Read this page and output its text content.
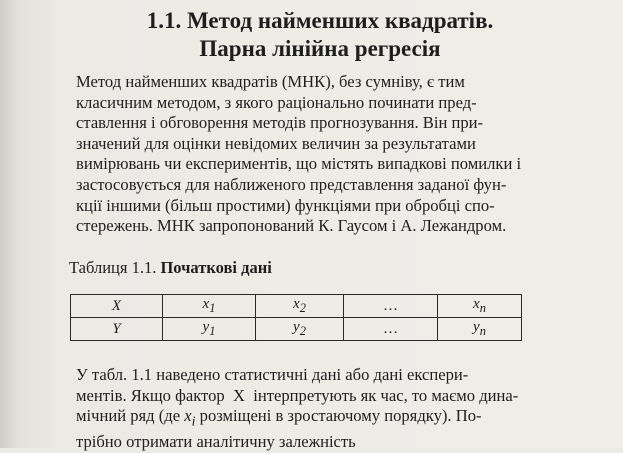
1.1. Метод найменших квадратів.
Парна лінійна регресія
Метод найменших квадратів (МНК), без сумніву, є тим
класичним методом, з якого раціонально починати пред-
ставлення і обговорення методів прогнозування. Він при-
значений для оцінки невідомих величин за результатами
вимірювань чи експериментів, що містять випадкові помилки і
застосовується для наближеного представлення заданої фун-
кції іншими (більш простими) функціями при обробці спо-
стережень. МНК запропонований К. Гаусом і А. Лежандром.
Таблиця 1.1. Початкові дані
X	$x_1$	$x_2$	…	$x_n$
Y	$y_1$	$y_2$	…	$y_n$
У табл. 1.1 наведено статистичні дані або дані експери-
ментів. Якщо фактор  X  інтерпретують як час, то маємо дина-
мічний ряд (де $x_i$ розміщені в зростаючому порядку). По-
трібно отримати аналітичну залежність
